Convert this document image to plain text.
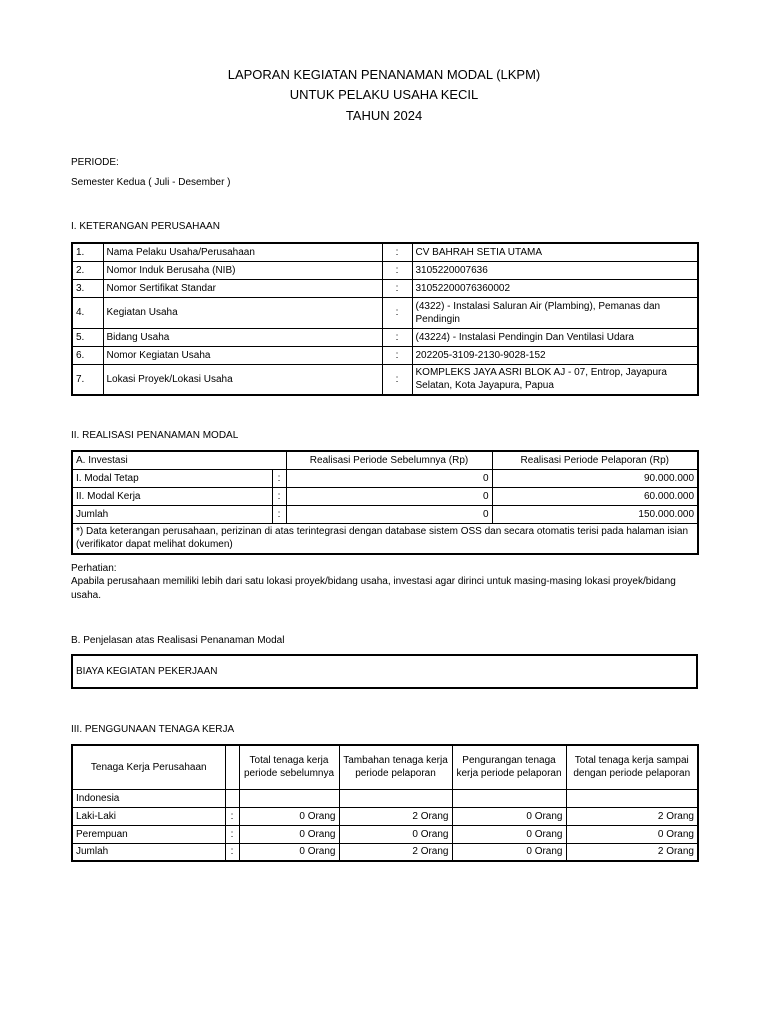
LAPORAN KEGIATAN PENANAMAN MODAL (LKPM)
UNTUK PELAKU USAHA KECIL
TAHUN 2024
PERIODE:
Semester Kedua ( Juli - Desember )
I. KETERANGAN PERUSAHAAN
1.	Nama Pelaku Usaha/Perusahaan	:	CV BAHRAH SETIA UTAMA
2.	Nomor Induk Berusaha (NIB)	:	3105220007636
3.	Nomor Sertifikat Standar	:	31052200076360002
4.	Kegiatan Usaha	:	(4322) - Instalasi Saluran Air (Plambing), Pemanas dan Pendingin
5.	Bidang Usaha	:	(43224) - Instalasi Pendingin Dan Ventilasi Udara
6.	Nomor Kegiatan Usaha	:	202205-3109-2130-9028-152
7.	Lokasi Proyek/Lokasi Usaha	:	KOMPLEKS JAYA ASRI BLOK AJ - 07, Entrop, Jayapura Selatan, Kota Jayapura, Papua
II. REALISASI PENANAMAN MODAL
A. Investasi		Realisasi Periode Sebelumnya (Rp)	Realisasi Periode Pelaporan (Rp)
I. Modal Tetap	:	0	90.000.000
II. Modal Kerja	:	0	60.000.000
Jumlah	:	0	150.000.000
*) Data keterangan perusahaan, perizinan di atas terintegrasi dengan database sistem OSS dan secara otomatis terisi pada halaman isian (verifikator dapat melihat dokumen)			
Perhatian:
Apabila perusahaan memiliki lebih dari satu lokasi proyek/bidang usaha, investasi agar dirinci untuk masing-masing lokasi proyek/bidang usaha.
B. Penjelasan atas Realisasi Penanaman Modal
BIAYA KEGIATAN PEKERJAAN
III. PENGGUNAAN TENAGA KERJA
Tenaga Kerja Perusahaan		Total tenaga kerja periode sebelumnya	Tambahan tenaga kerja periode pelaporan	Pengurangan tenaga kerja periode pelaporan	Total tenaga kerja sampai dengan periode pelaporan
Indonesia					
Laki-Laki	:	0 Orang	2 Orang	0 Orang	2 Orang
Perempuan	:	0 Orang	0 Orang	0 Orang	0 Orang
Jumlah	:	0 Orang	2 Orang	0 Orang	2 Orang
